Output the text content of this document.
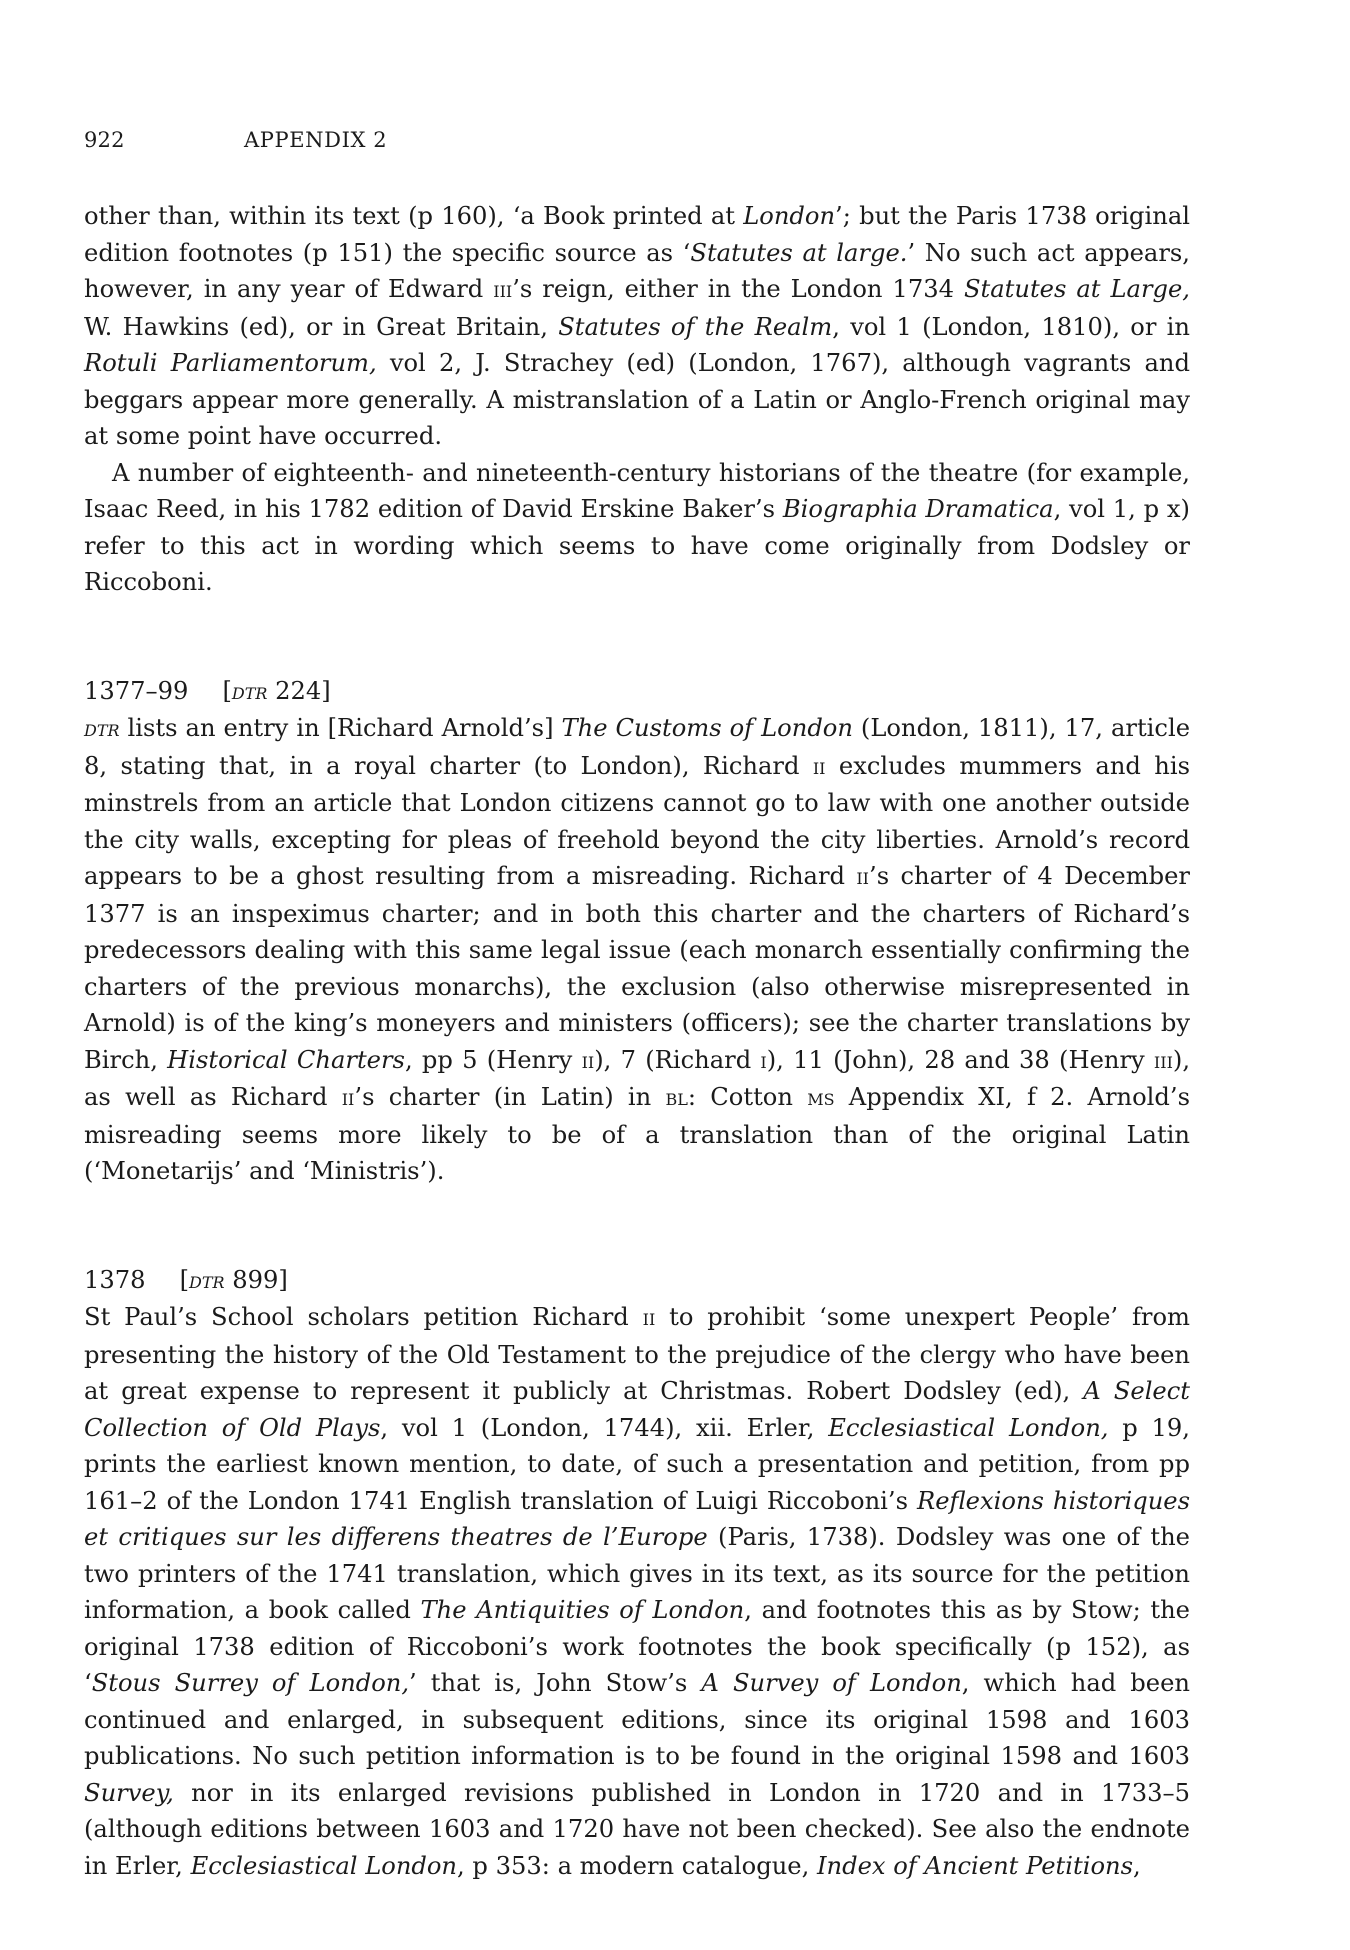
922	APPENDIX 2

other than, within its text (p 160), ‘a Book printed at London’; but the Paris 1738 original edition footnotes (p 151) the specific source as ‘Statutes at large.’ No such act appears, however, in any year of Edward iii’s reign, either in the London 1734 Statutes at Large, W. Hawkins (ed), or in Great Britain, Statutes of the Realm, vol 1 (London, 1810), or in Rotuli Parliamentorum, vol 2, J. Strachey (ed) (London, 1767), although vagrants and beggars appear more generally. A mistranslation of a Latin or Anglo-French original may at some point have occurred.

A number of eighteenth- and nineteenth-century historians of the theatre (for example, Isaac Reed, in his 1782 edition of David Erskine Baker’s Biographia Dramatica, vol 1, p x) refer to this act in wording which seems to have come originally from Dodsley or Riccoboni.

1377–99 [dtr 224]

dtr lists an entry in [Richard Arnold’s] The Customs of London (London, 1811), 17, article 8, stating that, in a royal charter (to London), Richard ii excludes mummers and his minstrels from an article that London citizens cannot go to law with one another outside the city walls, excepting for pleas of freehold beyond the city liberties. Arnold’s record appears to be a ghost resulting from a misreading. Richard ii’s charter of 4 December 1377 is an inspeximus charter; and in both this charter and the charters of Richard’s predecessors dealing with this same legal issue (each monarch essentially confirming the charters of the previous monarchs), the exclusion (also otherwise misrepresented in Arnold) is of the king’s moneyers and ministers (officers); see the charter translations by Birch, Historical Charters, pp 5 (Henry ii), 7 (Richard i), 11 (John), 28 and 38 (Henry iii), as well as Richard ii’s charter (in Latin) in bl: Cotton ms Appendix XI, f 2. Arnold’s misreading seems more likely to be of a translation than of the original Latin (‘Monetarijs’ and ‘Ministris’).

1378 [dtr 899]

St Paul’s School scholars petition Richard ii to prohibit ‘some unexpert People’ from presenting the history of the Old Testament to the prejudice of the clergy who have been at great expense to represent it publicly at Christmas. Robert Dodsley (ed), A Select Collection of Old Plays, vol 1 (London, 1744), xii. Erler, Ecclesiastical London, p 19, prints the earliest known mention, to date, of such a presentation and petition, from pp 161–2 of the London 1741 English translation of Luigi Riccoboni’s Reflexions historiques et critiques sur les differens theatres de l’Europe (Paris, 1738). Dodsley was one of the two printers of the 1741 translation, which gives in its text, as its source for the petition information, a book called The Antiquities of London, and footnotes this as by Stow; the original 1738 edition of Riccoboni’s work footnotes the book specifically (p 152), as ‘Stous Surrey of London,’ that is, John Stow’s A Survey of London, which had been continued and enlarged, in subsequent editions, since its original 1598 and 1603 publications. No such petition information is to be found in the original 1598 and 1603 Survey, nor in its enlarged revisions published in London in 1720 and in 1733–5 (although editions between 1603 and 1720 have not been checked). See also the endnote in Erler, Ecclesiastical London, p 353: a modern catalogue, Index of Ancient Petitions,
